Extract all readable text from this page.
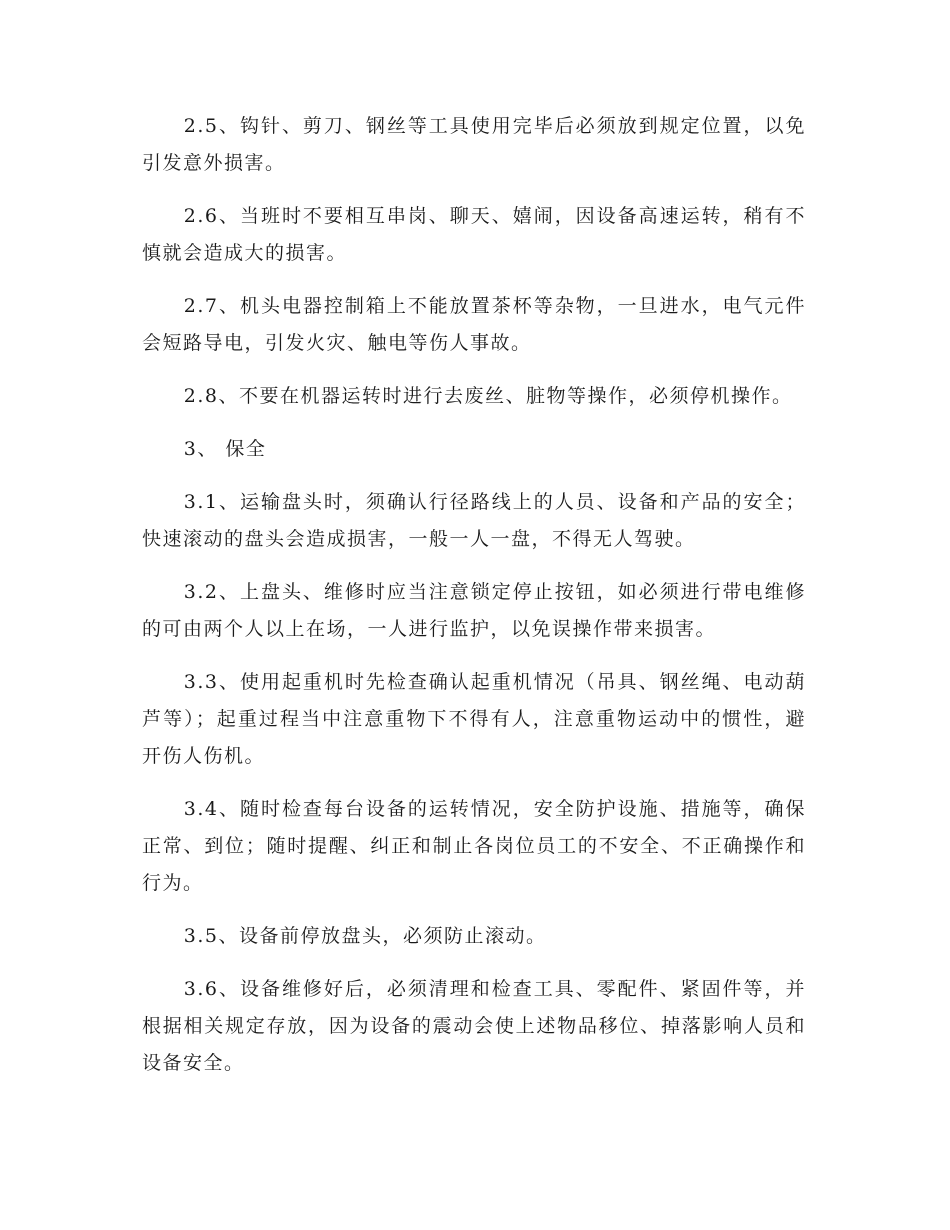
2.5、钩针、剪刀、钢丝等工具使用完毕后必须放到规定位置，以免引发意外损害。

2.6、当班时不要相互串岗、聊天、嬉闹，因设备高速运转，稍有不慎就会造成大的损害。

2.7、机头电器控制箱上不能放置茶杯等杂物，一旦进水，电气元件会短路导电，引发火灾、触电等伤人事故。

2.8、不要在机器运转时进行去废丝、脏物等操作，必须停机操作。

3、 保全

3.1、运输盘头时，须确认行径路线上的人员、设备和产品的安全；快速滚动的盘头会造成损害，一般一人一盘，不得无人驾驶。

3.2、上盘头、维修时应当注意锁定停止按钮，如必须进行带电维修的可由两个人以上在场，一人进行监护，以免误操作带来损害。

3.3、使用起重机时先检查确认起重机情况（吊具、钢丝绳、电动葫芦等）；起重过程当中注意重物下不得有人，注意重物运动中的惯性，避开伤人伤机。

3.4、随时检查每台设备的运转情况，安全防护设施、措施等，确保正常、到位；随时提醒、纠正和制止各岗位员工的不安全、不正确操作和行为。

3.5、设备前停放盘头，必须防止滚动。

3.6、设备维修好后，必须清理和检查工具、零配件、紧固件等，并根据相关规定存放，因为设备的震动会使上述物品移位、掉落影响人员和设备安全。
